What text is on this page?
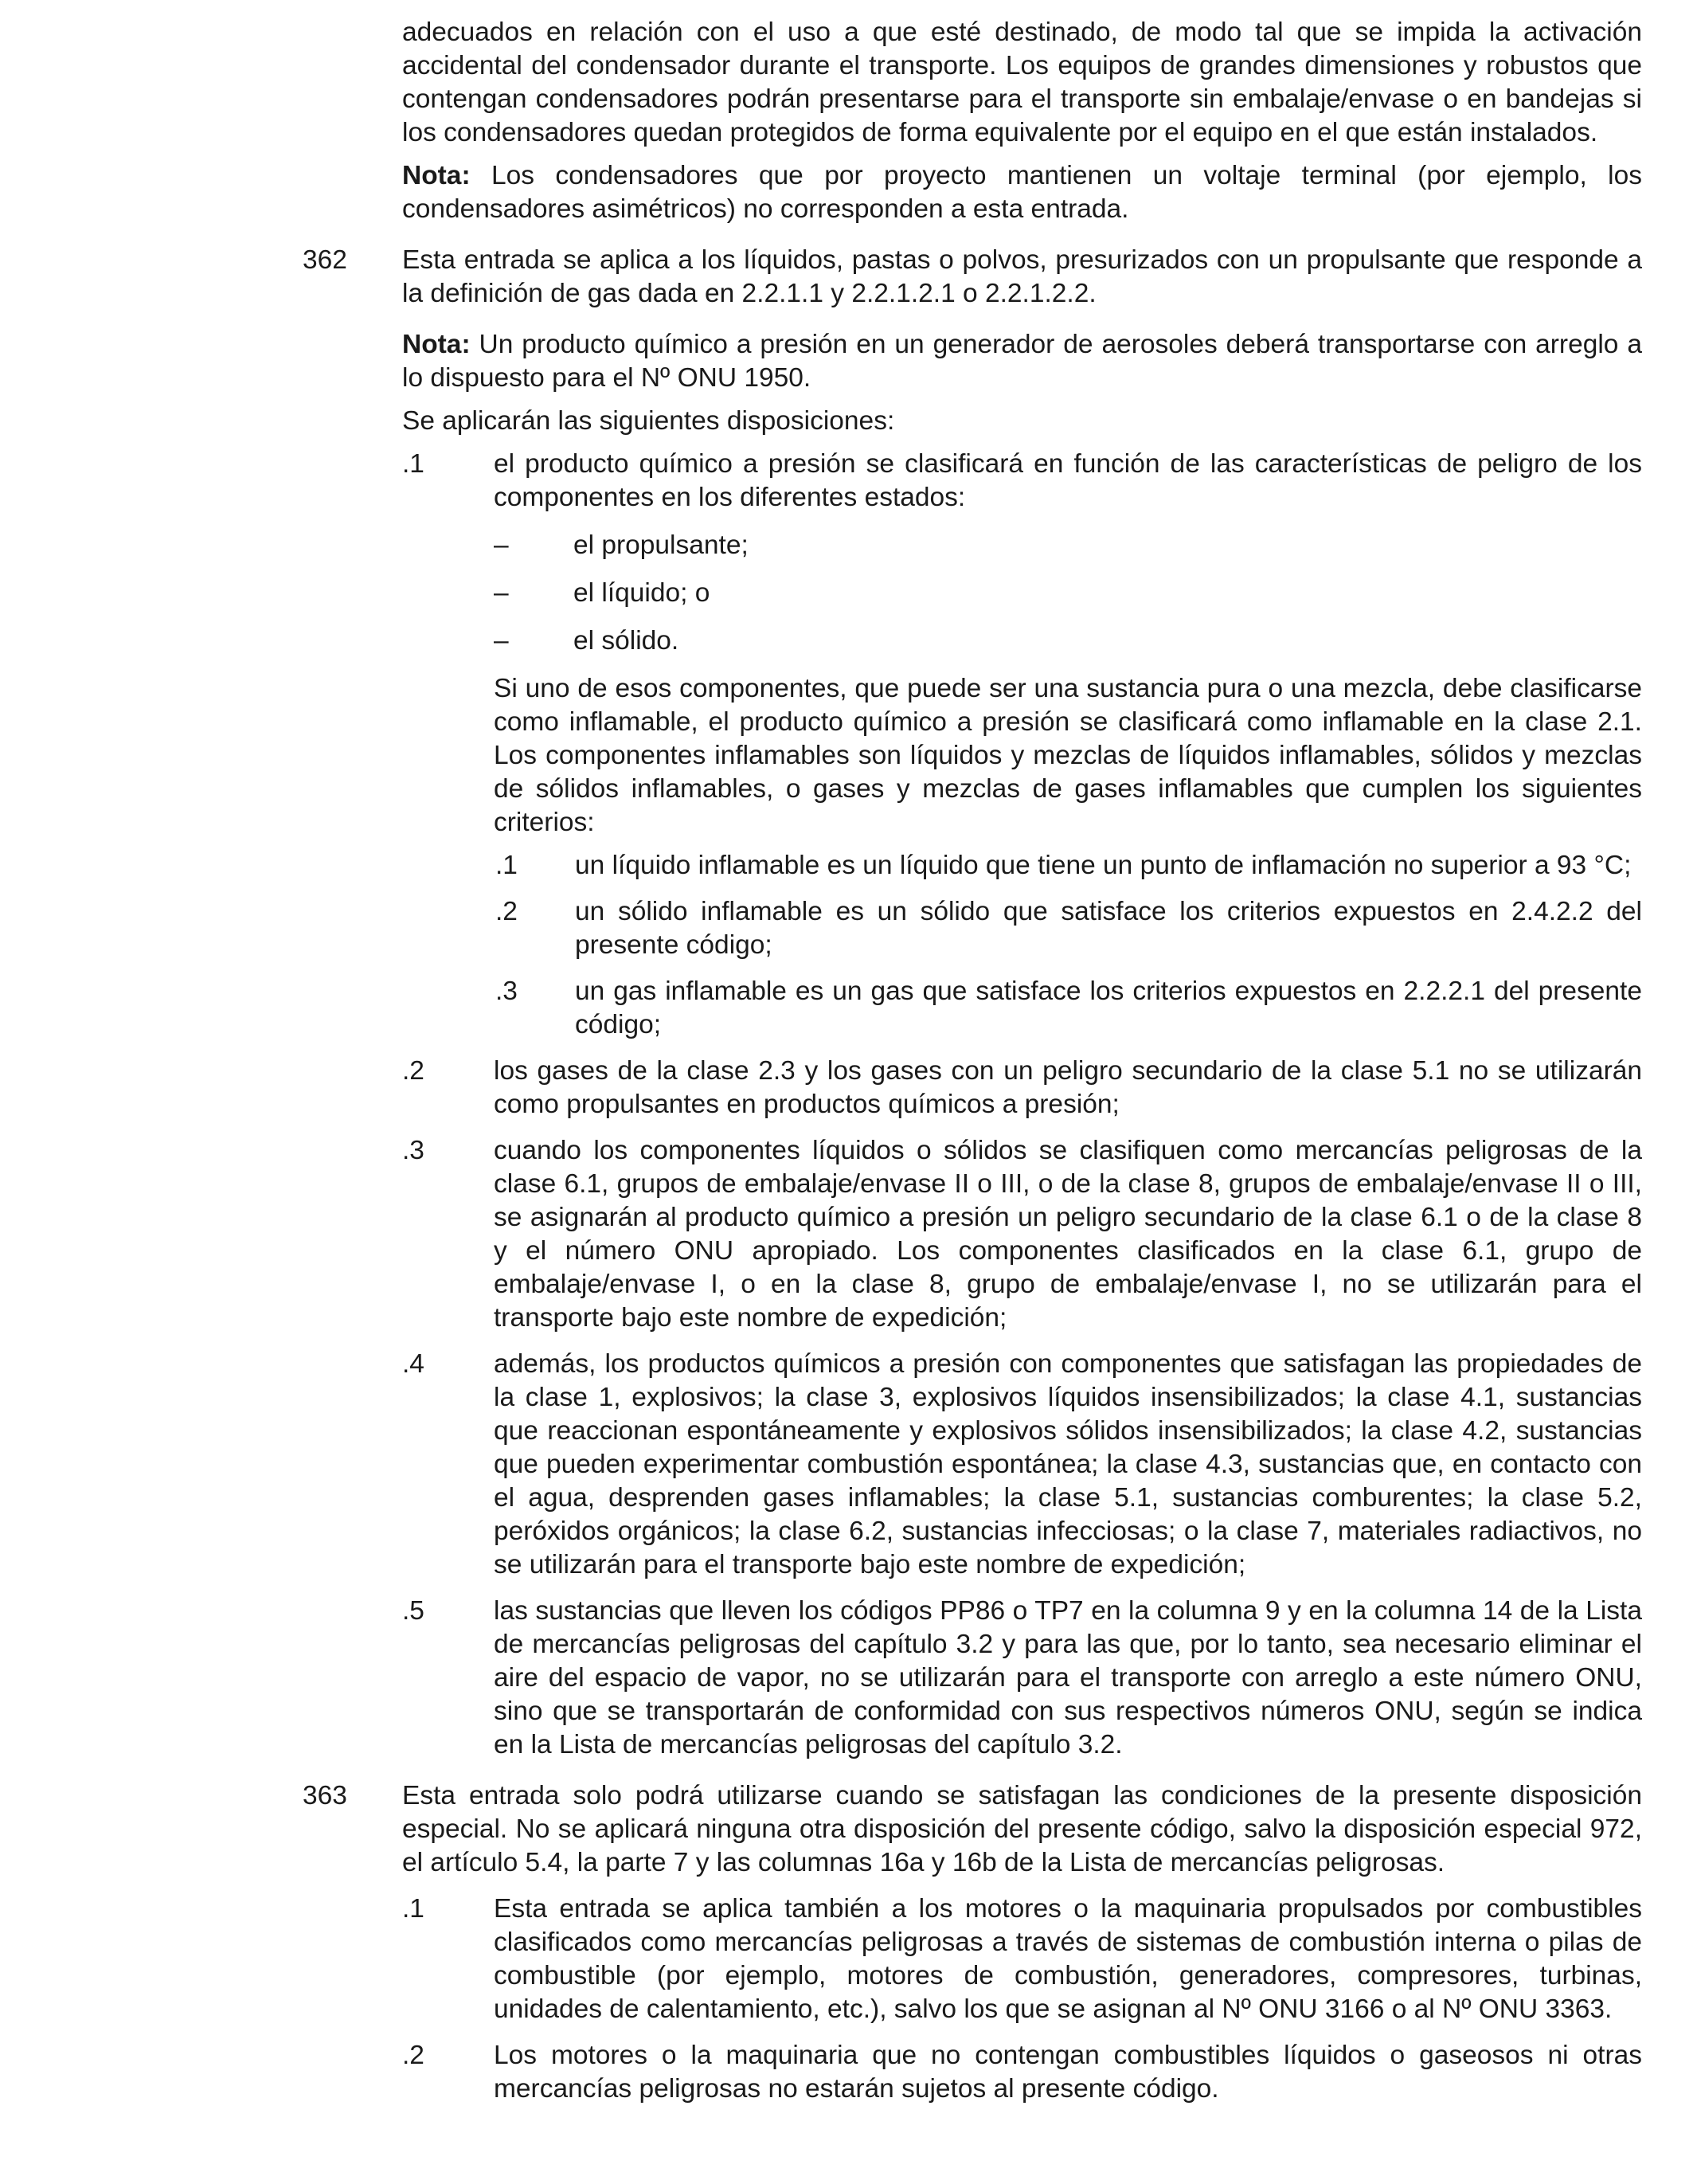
adecuados en relación con el uso a que esté destinado, de modo tal que se impida la activación accidental del condensador durante el transporte. Los equipos de grandes dimensiones y robustos que contengan condensadores podrán presentarse para el transporte sin embalaje/envase o en bandejas si los condensadores quedan protegidos de forma equivalente por el equipo en el que están instalados.
Nota: Los condensadores que por proyecto mantienen un voltaje terminal (por ejemplo, los condensadores asimétricos) no corresponden a esta entrada.
362 Esta entrada se aplica a los líquidos, pastas o polvos, presurizados con un propulsante que responde a la definición de gas dada en 2.2.1.1 y 2.2.1.2.1 o 2.2.1.2.2.
Nota: Un producto químico a presión en un generador de aerosoles deberá transportarse con arreglo a lo dispuesto para el Nº ONU 1950.
Se aplicarán las siguientes disposiciones:
.1	el producto químico a presión se clasificará en función de las características de peligro de los componentes en los diferentes estados:
– el propulsante;
– el líquido; o
– el sólido.
Si uno de esos componentes, que puede ser una sustancia pura o una mezcla, debe clasificarse como inflamable, el producto químico a presión se clasificará como inflamable en la clase 2.1. Los componentes inflamables son líquidos y mezclas de líquidos inflamables, sólidos y mezclas de sólidos inflamables, o gases y mezclas de gases inflamables que cumplen los siguientes criterios:
.1 un líquido inflamable es un líquido que tiene un punto de inflamación no superior a 93 °C;
.2 un sólido inflamable es un sólido que satisface los criterios expuestos en 2.4.2.2 del presente código;
.3 un gas inflamable es un gas que satisface los criterios expuestos en 2.2.2.1 del presente código;
.2	los gases de la clase 2.3 y los gases con un peligro secundario de la clase 5.1 no se utilizarán como propulsantes en productos químicos a presión;
.3	cuando los componentes líquidos o sólidos se clasifiquen como mercancías peligrosas de la clase 6.1, grupos de embalaje/envase II o III, o de la clase 8, grupos de embalaje/envase II o III, se asignarán al producto químico a presión un peligro secundario de la clase 6.1 o de la clase 8 y el número ONU apropiado. Los componentes clasificados en la clase 6.1, grupo de embalaje/envase I, o en la clase 8, grupo de embalaje/envase I, no se utilizarán para el transporte bajo este nombre de expedición;
.4	además, los productos químicos a presión con componentes que satisfagan las propiedades de la clase 1, explosivos; la clase 3, explosivos líquidos insensibilizados; la clase 4.1, sustancias que reaccionan espontáneamente y explosivos sólidos insensibilizados; la clase 4.2, sustancias que pueden experimentar combustión espontánea; la clase 4.3, sustancias que, en contacto con el agua, desprenden gases inflamables; la clase 5.1, sustancias comburentes; la clase 5.2, peróxidos orgánicos; la clase 6.2, sustancias infecciosas; o la clase 7, materiales radiactivos, no se utilizarán para el transporte bajo este nombre de expedición;
.5	las sustancias que lleven los códigos PP86 o TP7 en la columna 9 y en la columna 14 de la Lista de mercancías peligrosas del capítulo 3.2 y para las que, por lo tanto, sea necesario eliminar el aire del espacio de vapor, no se utilizarán para el transporte con arreglo a este número ONU, sino que se transportarán de conformidad con sus respectivos números ONU, según se indica en la Lista de mercancías peligrosas del capítulo 3.2.
363 Esta entrada solo podrá utilizarse cuando se satisfagan las condiciones de la presente disposición especial. No se aplicará ninguna otra disposición del presente código, salvo la disposición especial 972, el artículo 5.4, la parte 7 y las columnas 16a y 16b de la Lista de mercancías peligrosas.
.1	Esta entrada se aplica también a los motores o la maquinaria propulsados por combustibles clasificados como mercancías peligrosas a través de sistemas de combustión interna o pilas de combustible (por ejemplo, motores de combustión, generadores, compresores, turbinas, unidades de calentamiento, etc.), salvo los que se asignan al Nº ONU 3166 o al Nº ONU 3363.
.2	Los motores o la maquinaria que no contengan combustibles líquidos o gaseosos ni otras mercancías peligrosas no estarán sujetos al presente código.
